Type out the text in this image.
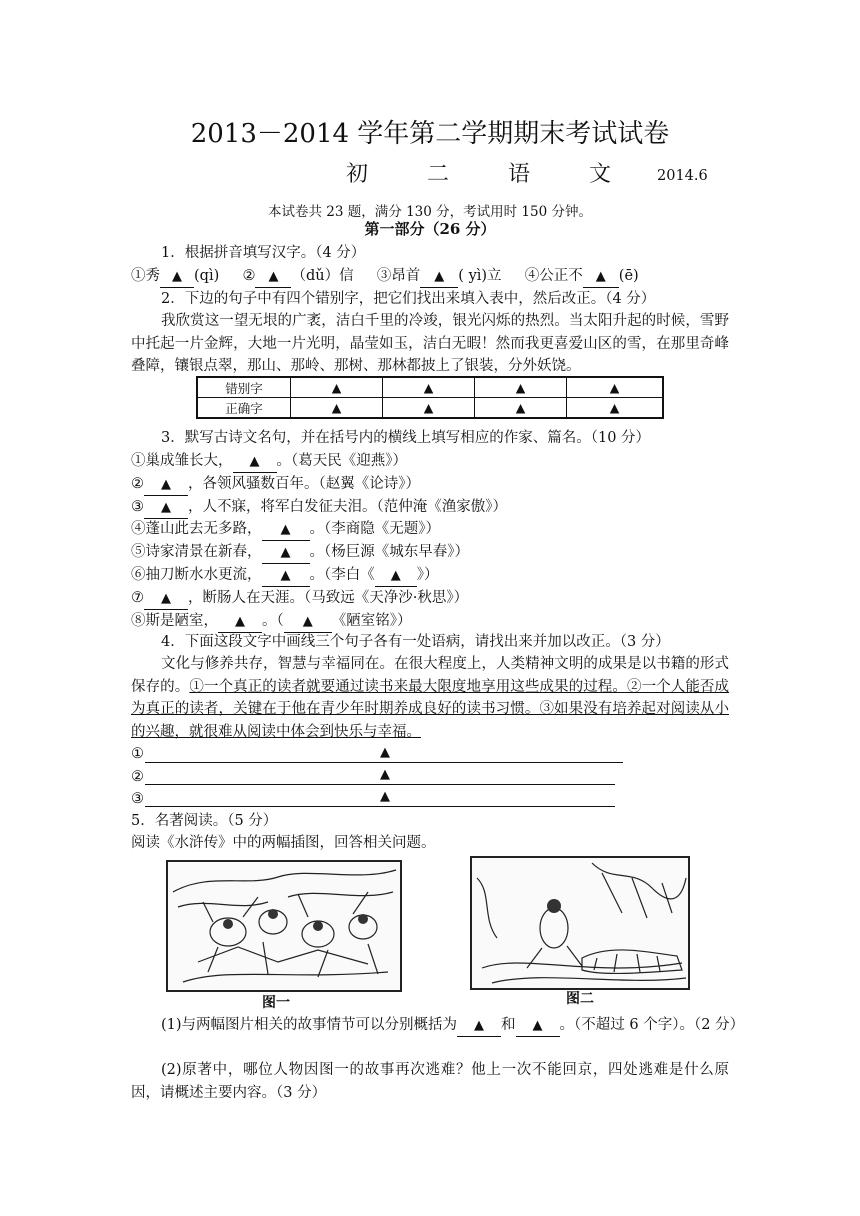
2013－2014 学年第二学期期末考试试卷
初 二 语 文 2014.6
本试卷共 23 题，满分 130 分，考试用时 150 分钟。
第一部分（26 分）
1．根据拼音填写汉字。（4 分）
①秀 ▲ (qì) ② ▲ （dǔ）信 ③昂首 ▲ ( yì)立 ④公正不 ▲ (ē)
2．下边的句子中有四个错别字，把它们找出来填入表中，然后改正。（4 分）
我欣赏这一望无垠的广袤，洁白千里的冷竣，银光闪烁的热烈。当太阳升起的时候，雪野中托起一片金辉，大地一片光明，晶莹如玉，洁白无暇！然而我更喜爱山区的雪，在那里奇峰叠障，镶银点翠，那山、那岭、那树、那林都披上了银装，分外妖饶。
错别字	▲	▲	▲	▲
正确字	▲	▲	▲	▲
3．默写古诗文名句，并在括号内的横线上填写相应的作家、篇名。（10 分）
①巢成雏长大， ▲ 。（葛天民《迎燕》）
② ▲ ，各领风骚数百年。（赵翼《论诗》）
③ ▲ ，人不寐，将军白发征夫泪。（范仲淹《渔家傲》）
④蓬山此去无多路， ▲ 。（李商隐《无题》）
⑤诗家清景在新春， ▲ 。（杨巨源《城东早春》）
⑥抽刀断水水更流， ▲ 。（李白《 ▲ 》）
⑦ ▲ ，断肠人在天涯。（马致远《天净沙·秋思》）
⑧斯是陋室， ▲ 。（ ▲ 《陋室铭》）
4．下面这段文字中画线三个句子各有一处语病，请找出来并加以改正。（3 分）
文化与修养共存，智慧与幸福同在。在很大程度上，人类精神文明的成果是以书籍的形式保存的。①一个真正的读者就要通过读书来最大限度地享用这些成果的过程。②一个人能否成为真正的读者，关键在于他在青少年时期养成良好的读书习惯。③如果没有培养起对阅读从小的兴趣，就很难从阅读中体会到快乐与幸福。
①	▲
②	▲
③	▲
5．名著阅读。（5 分）
阅读《水浒传》中的两幅插图，回答相关问题。
图一	图二
(1)与两幅图片相关的故事情节可以分别概括为 ▲ 和 ▲ 。（不超过 6 个字）。（2 分）
(2)原著中，哪位人物因图一的故事再次逃难？他上一次不能回京，四处逃难是什么原因，请概述主要内容。（3 分）
